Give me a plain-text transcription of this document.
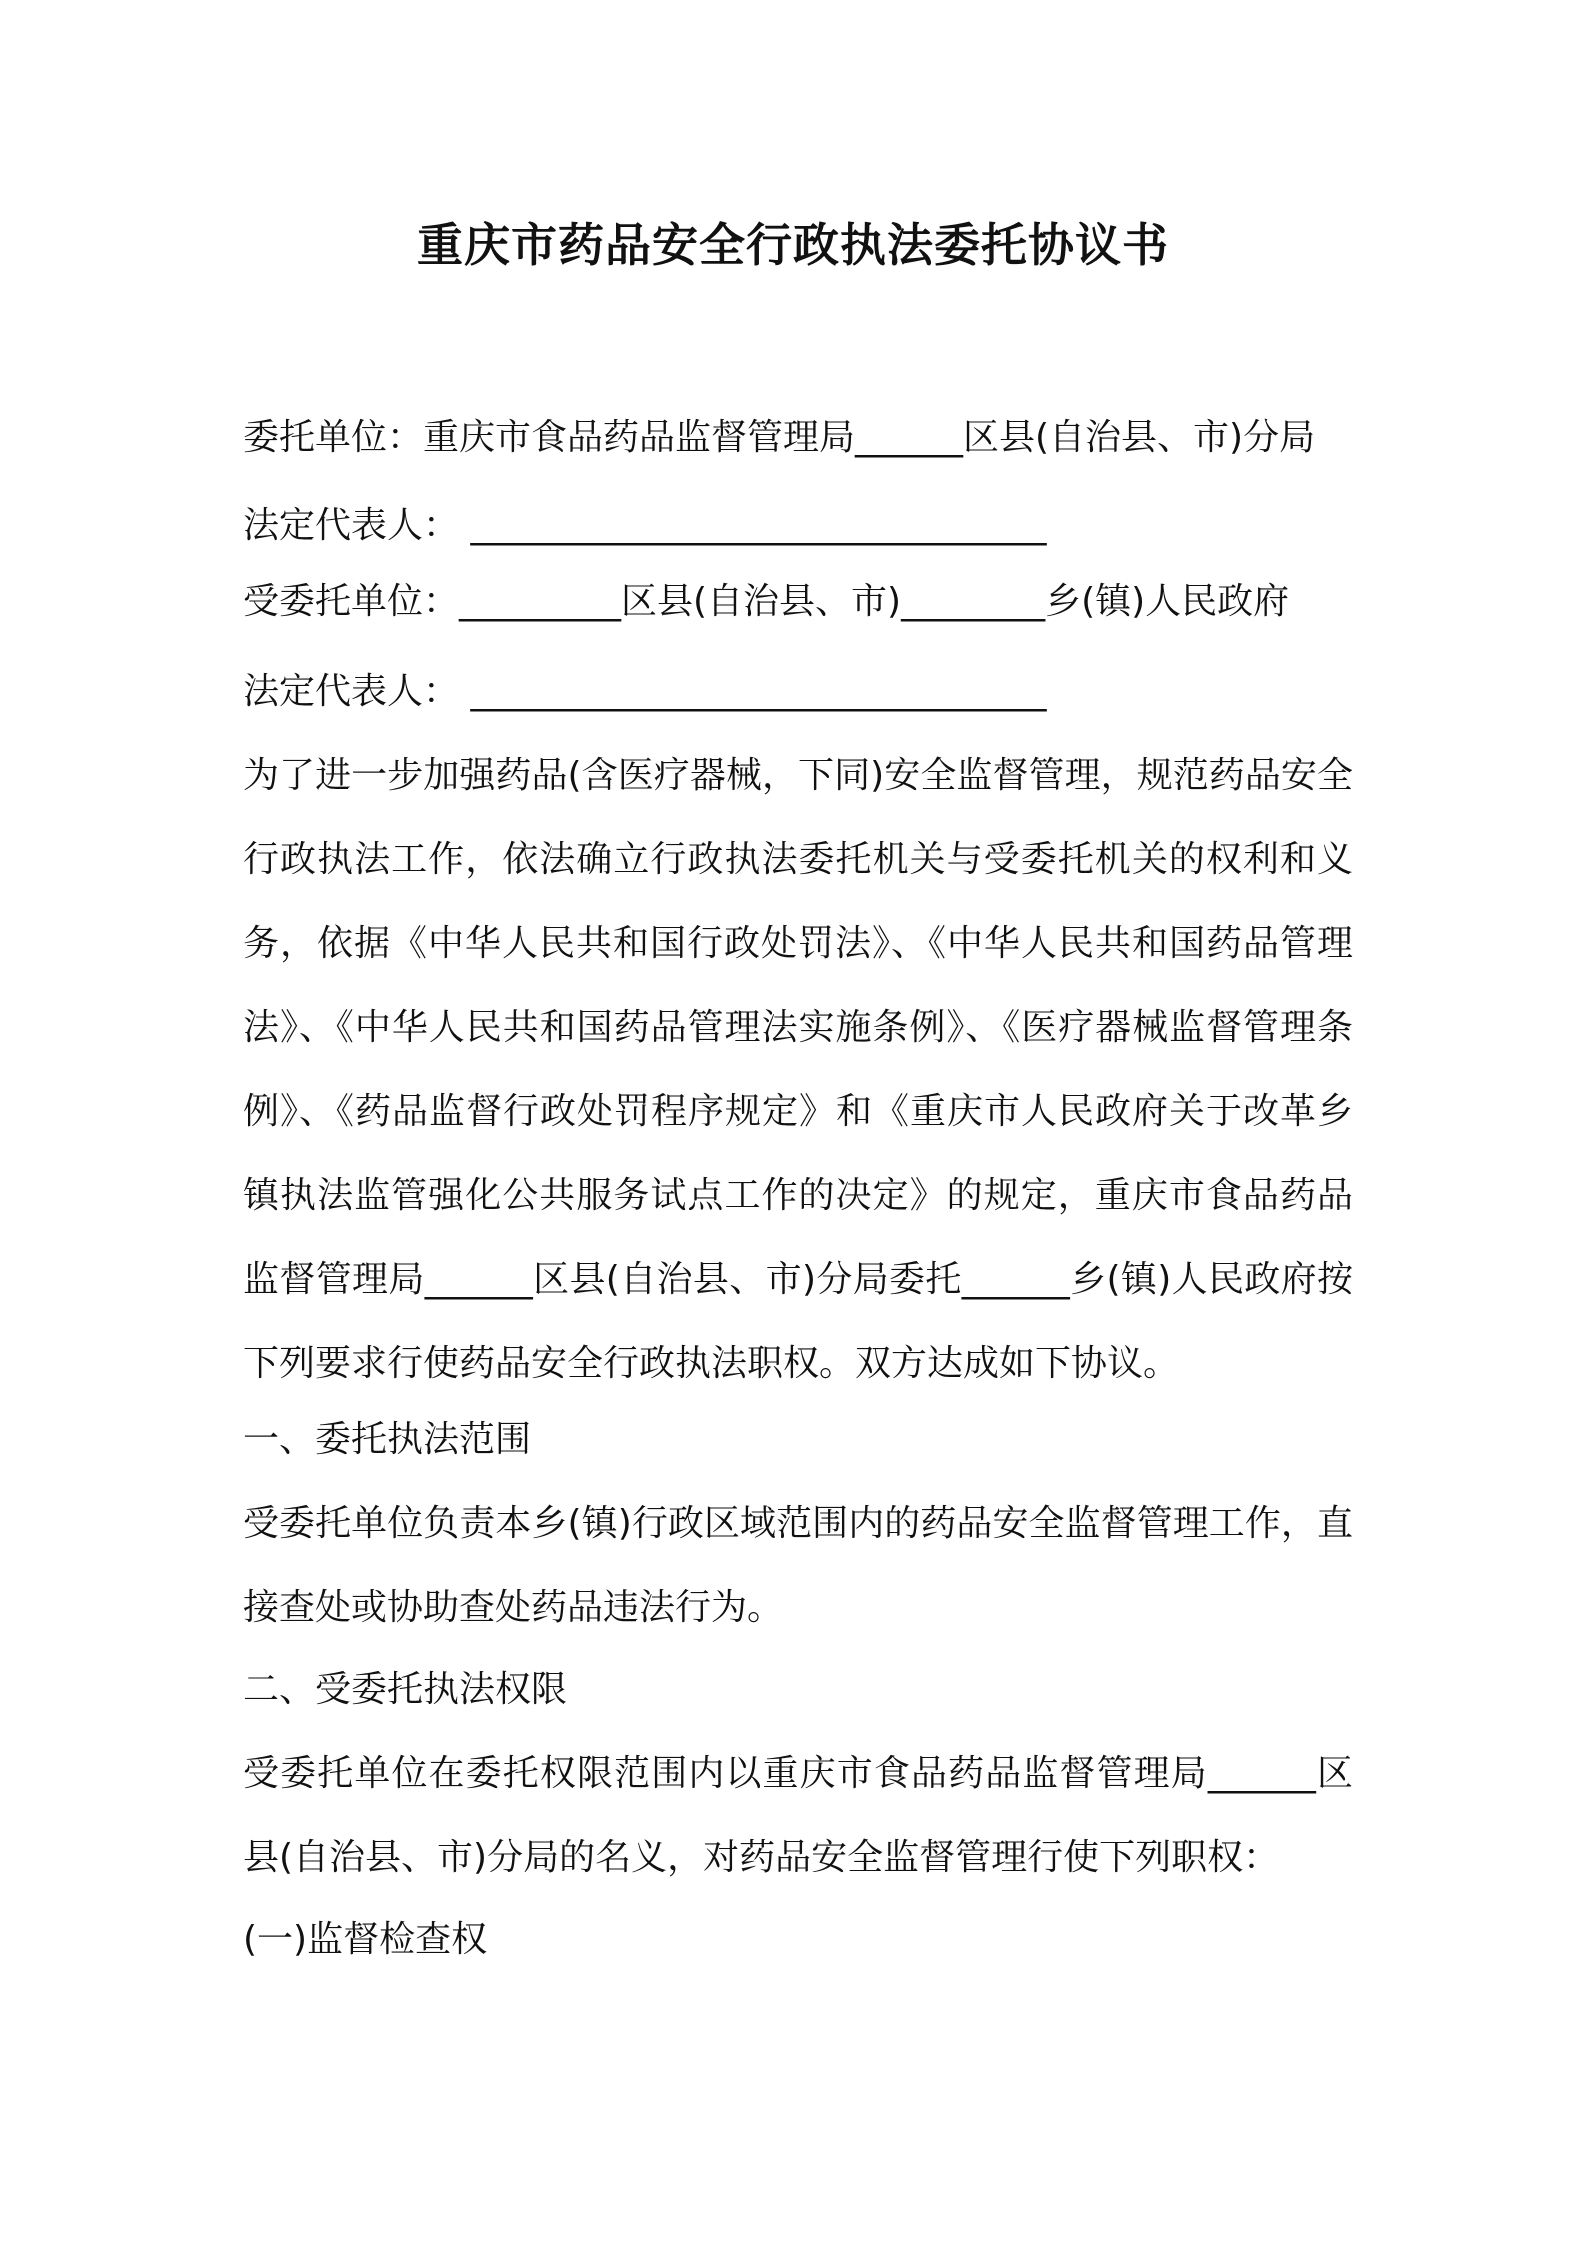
重庆市药品安全行政执法委托协议书
委托单位：重庆市食品药品监督管理局______区县(自治县、市)分局
法定代表人： ________________________________
受委托单位：_________区县(自治县、市)________乡(镇)人民政府
法定代表人： ________________________________
为了进一步加强药品(含医疗器械，下同)安全监督管理，规范药品安全行政执法工作，依法确立行政执法委托机关与受委托机关的权利和义务，依据《中华人民共和国行政处罚法》、《中华人民共和国药品管理法》、《中华人民共和国药品管理法实施条例》、《医疗器械监督管理条例》、《药品监督行政处罚程序规定》和《重庆市人民政府关于改革乡镇执法监管强化公共服务试点工作的决定》的规定，重庆市食品药品监督管理局______区县(自治县、市)分局委托______乡(镇)人民政府按下列要求行使药品安全行政执法职权。双方达成如下协议。
一、委托执法范围
受委托单位负责本乡(镇)行政区域范围内的药品安全监督管理工作，直接查处或协助查处药品违法行为。
二、受委托执法权限
受委托单位在委托权限范围内以重庆市食品药品监督管理局______区县(自治县、市)分局的名义，对药品安全监督管理行使下列职权：
(一)监督检查权
